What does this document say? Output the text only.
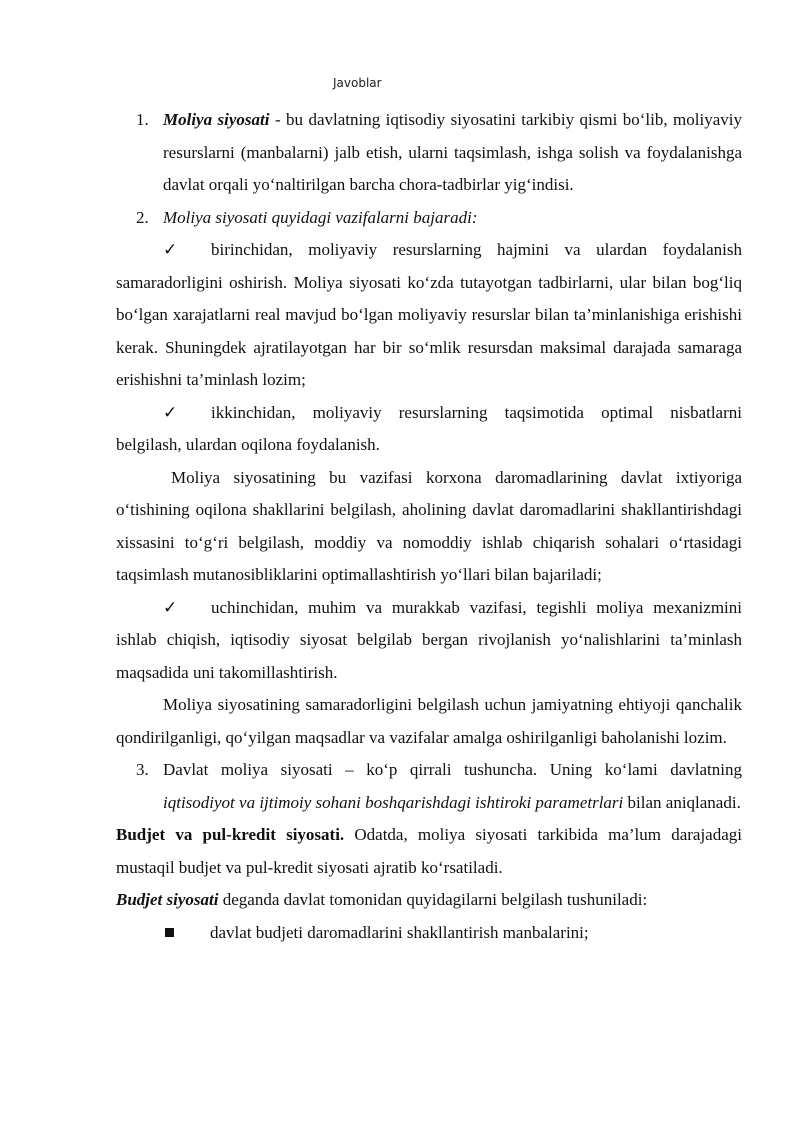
Javoblar

1. Moliya siyosati - bu davlatning iqtisodiy siyosatini tarkibiy qismi bo‘lib, moliyaviy resurslarni (manbalarni) jalb etish, ularni taqsimlash, ishga solish va foydalanishga davlat orqali yo‘naltirilgan barcha chora-tadbirlar yig‘indisi.

2. Moliya siyosati quyidagi vazifalarni bajaradi:

✓ birinchidan, moliyaviy resurslarning hajmini va ulardan foydalanish samaradorligini oshirish. Moliya siyosati ko‘zda tutayotgan tadbirlarni, ular bilan bog‘liq bo‘lgan xarajatlarni real mavjud bo‘lgan moliyaviy resurslar bilan ta’minlanishiga erishishi kerak. Shuningdek ajratilayotgan har bir so‘mlik resursdan maksimal darajada samaraga erishishni ta’minlash lozim;

✓ ikkinchidan, moliyaviy resurslarning taqsimotida optimal nisbatlarni belgilash, ulardan oqilona foydalanish.

Moliya siyosatining bu vazifasi korxona daromadlarining davlat ixtiyoriga o‘tishining oqilona shakllarini belgilash, aholining davlat daromadlarini shakllantirishdagi xissasini to‘g‘ri belgilash, moddiy va nomoddiy ishlab chiqarish sohalari o‘rtasidagi taqsimlash mutanosibliklarini optimallashtirish yo‘llari bilan bajariladi;

✓ uchinchidan, muhim va murakkab vazifasi, tegishli moliya mexanizmini ishlab chiqish, iqtisodiy siyosat belgilab bergan rivojlanish yo‘nalishlarini ta’minlash maqsadida uni takomillashtirish.

Moliya siyosatining samaradorligini belgilash uchun jamiyatning ehtiyoji qanchalik qondirilganligi, qo‘yilgan maqsadlar va vazifalar amalga oshirilganligi baholanishi lozim.

3. Davlat moliya siyosati – ko‘p qirrali tushuncha. Uning ko‘lami davlatning iqtisodiyot va ijtimoiy sohani boshqarishdagi ishtiroki parametrlari bilan aniqlanadi.

Budjet va pul-kredit siyosati. Odatda, moliya siyosati tarkibida ma’lum darajadagi mustaqil budjet va pul-kredit siyosati ajratib ko‘rsatiladi.

Budjet siyosati deganda davlat tomonidan quyidagilarni belgilash tushuniladi:

davlat budjeti daromadlarini shakllantirish manbalarini;
